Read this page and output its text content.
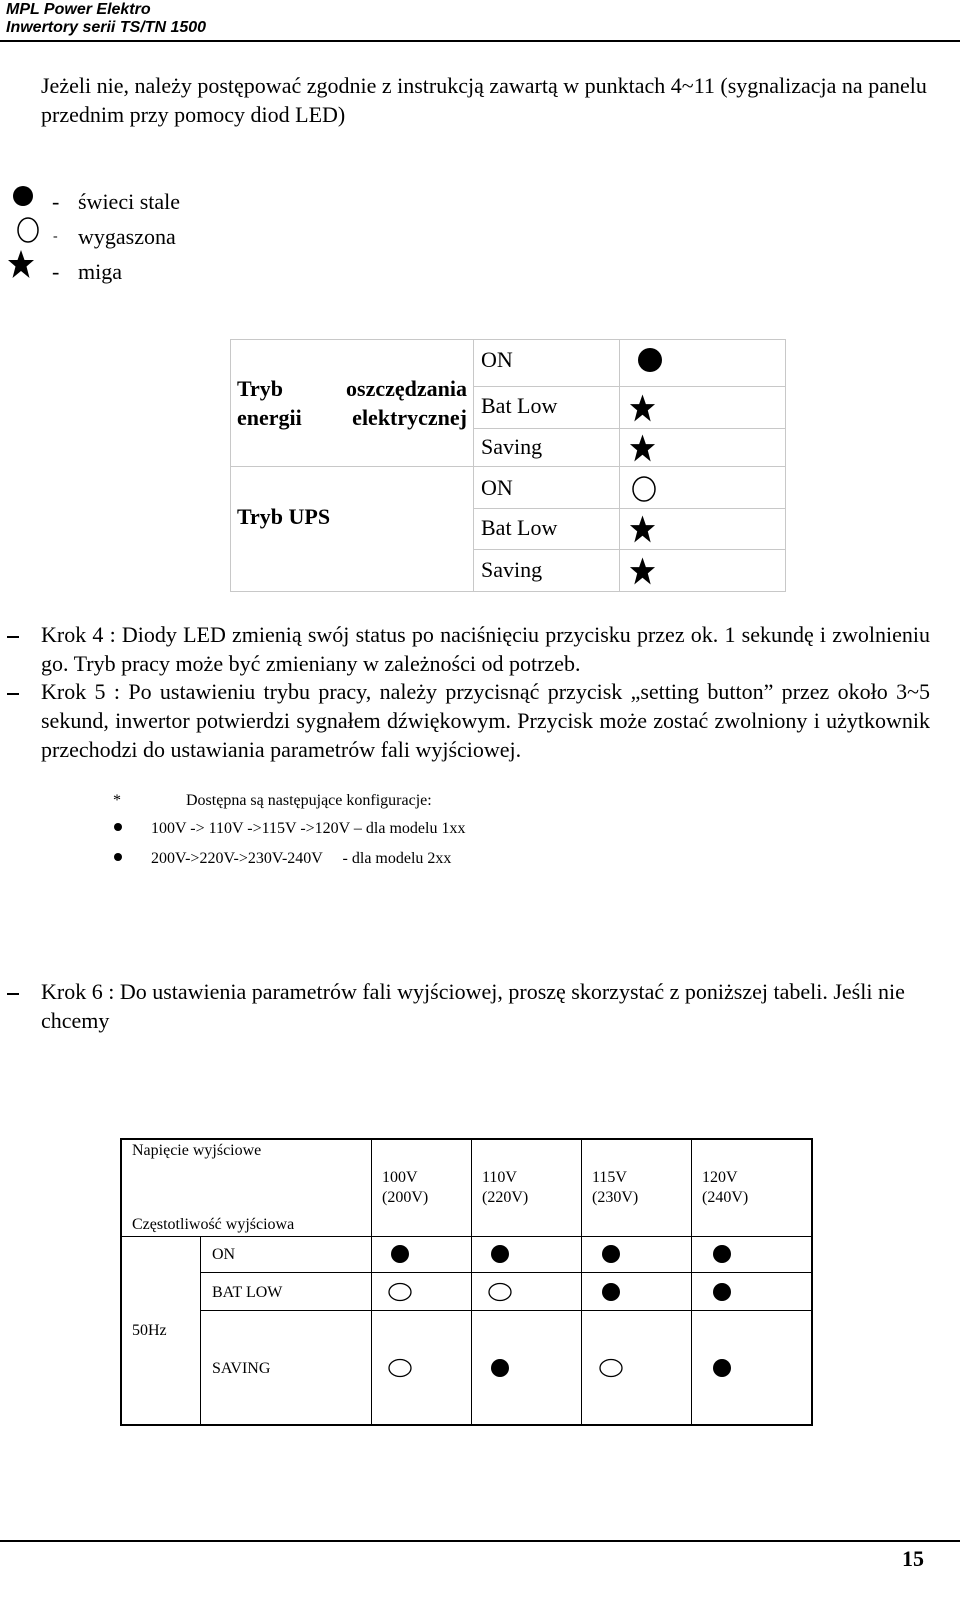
MPL Power Elektro
Inwertory serii TS/TN 1500
Jeżeli nie, należy postępować zgodnie z instrukcją zawartą w punktach 4~11 (sygnalizacja na panelu przednim przy pomocy diod LED)
- świeci stale
- wygaszona
- miga
Tryb oszczędzania energii elektrycznej
ON
Bat Low
Saving
Tryb UPS
ON
Bat Low
Saving
Krok 4 : Diody LED zmienią swój status po naciśnięciu przycisku przez ok. 1 sekundę i zwolnieniu go. Tryb pracy może być zmieniany w zależności od potrzeb.
Krok 5 : Po ustawieniu trybu pracy, należy przycisnąć przycisk „setting button” przez około 3~5 sekund, inwertor potwierdzi sygnałem dźwiękowym. Przycisk może zostać zwolniony i użytkownik przechodzi do ustawiania parametrów fali wyjściowej.
*	Dostępna są następujące konfiguracje:
100V -> 110V ->115V ->120V – dla modelu 1xx
200V->220V->230V-240V     - dla modelu 2xx
Krok 6 : Do ustawienia parametrów fali wyjściowej, proszę skorzystać z poniższej tabeli. Jeśli nie chcemy
Napięcie wyjściowe
Częstotliwość wyjściowa
100V
(200V)
110V
(220V)
115V
(230V)
120V
(240V)
50Hz
ON
BAT LOW
SAVING
15
